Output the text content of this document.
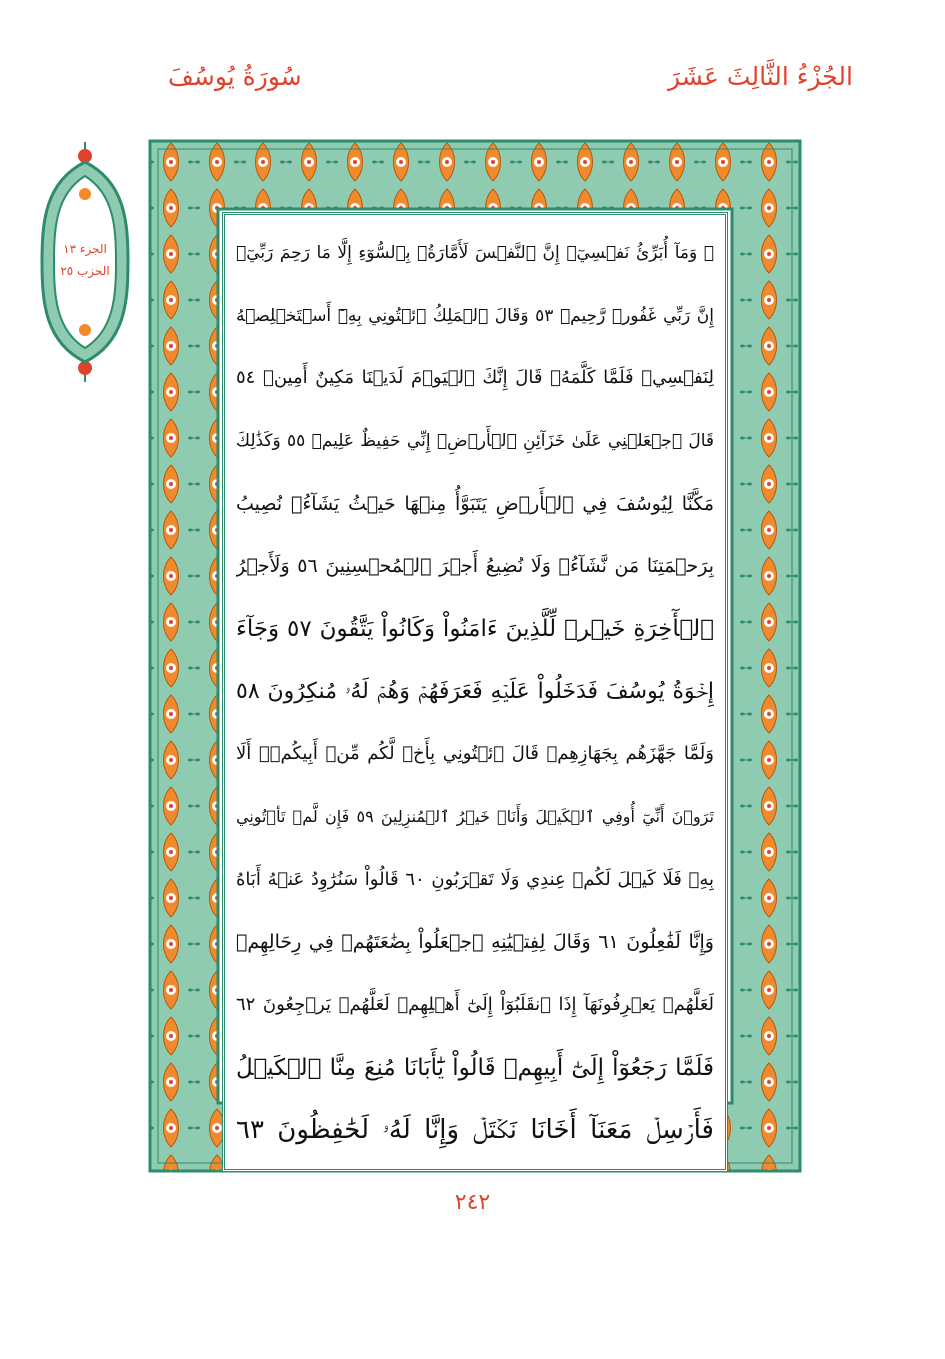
الجُزْءُ الثَّالِثَ عَشَرَ
سُورَةُ يُوسُفَ
الجزء ١٣
الحزب ٢٥
۞ وَمَآ أُبَرِّئُ نَفۡسِيٓۚ إِنَّ ٱلنَّفۡسَ لَأَمَّارَةُۢ بِٱلسُّوٓءِ إِلَّا مَا رَحِمَ رَبِّيٓۚ
إِنَّ رَبِّي غَفُورٞ رَّحِيمٞ ٥٣ وَقَالَ ٱلۡمَلِكُ ٱئۡتُونِي بِهِۦٓ أَسۡتَخۡلِصۡهُ
لِنَفۡسِيۖ فَلَمَّا كَلَّمَهُۥ قَالَ إِنَّكَ ٱلۡيَوۡمَ لَدَيۡنَا مَكِينٌ أَمِينٞ ٥٤
قَالَ ٱجۡعَلۡنِي عَلَىٰ خَزَآئِنِ ٱلۡأَرۡضِۖ إِنِّي حَفِيظٌ عَلِيمٞ ٥٥ وَكَذَٰلِكَ
مَكَّنَّا لِيُوسُفَ فِي ٱلۡأَرۡضِ يَتَبَوَّأُ مِنۡهَا حَيۡثُ يَشَآءُۚ نُصِيبُ
بِرَحۡمَتِنَا مَن نَّشَآءُۖ وَلَا نُضِيعُ أَجۡرَ ٱلۡمُحۡسِنِينَ ٥٦ وَلَأَجۡرُ
ٱلۡأٓخِرَةِ خَيۡرٞ لِّلَّذِينَ ءَامَنُواْ وَكَانُواْ يَتَّقُونَ ٥٧ وَجَآءَ
إِخۡوَةُ يُوسُفَ فَدَخَلُواْ عَلَيۡهِ فَعَرَفَهُمۡ وَهُمۡ لَهُۥ مُنكِرُونَ ٥٨
وَلَمَّا جَهَّزَهُم بِجَهَازِهِمۡ قَالَ ٱئۡتُونِي بِأَخٖ لَّكُم مِّنۡ أَبِيكُمۡۚ أَلَا
تَرَوۡنَ أَنِّيٓ أُوفِي ٱلۡكَيۡلَ وَأَنَا۠ خَيۡرُ ٱلۡمُنزِلِينَ ٥٩ فَإِن لَّمۡ تَأۡتُونِي
بِهِۦ فَلَا كَيۡلَ لَكُمۡ عِندِي وَلَا تَقۡرَبُونِ ٦٠ قَالُواْ سَنُرَٰوِدُ عَنۡهُ أَبَاهُ
وَإِنَّا لَفَٰعِلُونَ ٦١ وَقَالَ لِفِتۡيَٰنِهِ ٱجۡعَلُواْ بِضَٰعَتَهُمۡ فِي رِحَالِهِمۡ
لَعَلَّهُمۡ يَعۡرِفُونَهَآ إِذَا ٱنقَلَبُوٓاْ إِلَىٰٓ أَهۡلِهِمۡ لَعَلَّهُمۡ يَرۡجِعُونَ ٦٢
فَلَمَّا رَجَعُوٓاْ إِلَىٰٓ أَبِيهِمۡ قَالُواْ يَٰٓأَبَانَا مُنِعَ مِنَّا ٱلۡكَيۡلُ
فَأَرۡسِلۡ مَعَنَآ أَخَانَا نَكۡتَلۡ وَإِنَّا لَهُۥ لَحَٰفِظُونَ ٦٣
٢٤٢
